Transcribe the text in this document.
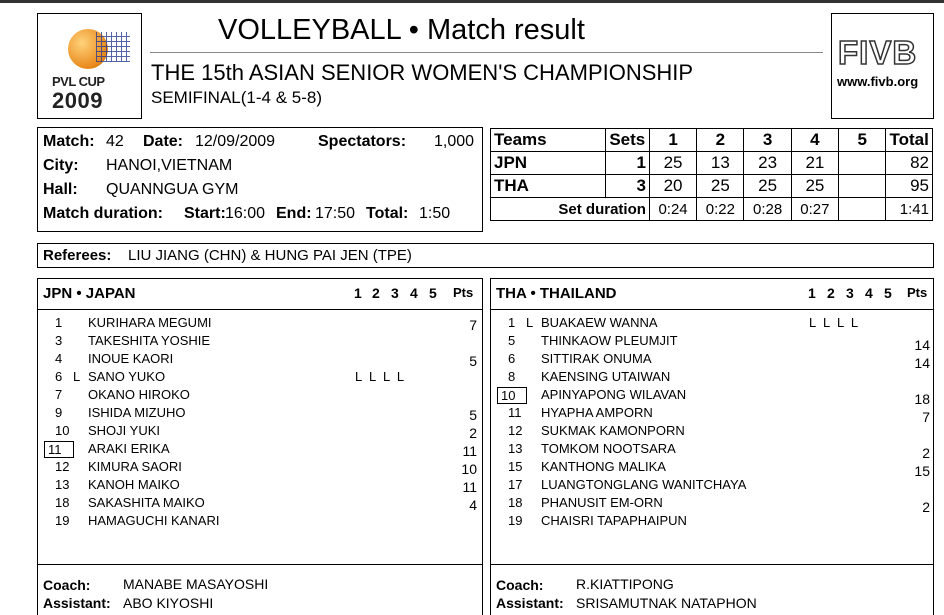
PVL CUP
2009
VOLLEYBALL • Match result
THE 15th ASIAN SENIOR WOMEN'S CHAMPIONSHIP
SEMIFINAL(1-4 & 5-8)
FIVB
www.fivb.org
Match: 42 Date: 12/09/2009	Spectators: 1,000
City: HANOI,VIETNAM
Hall: QUANNGUA GYM
Match duration: Start: 16:00 End: 17:50 Total: 1:50
Teams	Sets	1	2	3	4	5	Total
JPN	1	25	13	23	21		82
THA	3	20	25	25	25		95
Set duration		0:24	0:22	0:28	0:27		1:41
Referees: LIU JIANG (CHN) & HUNG PAI JEN (TPE)
JPN • JAPAN	1 2 3 4 5 Pts
1 KURIHARA MEGUMI	7
3 TAKESHITA YOSHIE
4 INOUE KAORI	5
6 L SANO YUKO	L  L  L  L
7 OKANO HIROKO
9 ISHIDA MIZUHO	5
10 SHOJI YUKI	2
11	ARAKI ERIKA	11
12 KIMURA SAORI	10
13 KANOH MAIKO	11
18 SAKASHITA MAIKO	4
19 HAMAGUCHI KANARI
Coach: MANABE MASAYOSHI
Assistant: ABO KIYOSHI
THA • THAILAND	1 2 3 4 5 Pts
1 L BUAKAEW WANNA	L  L  L  L
5 THINKAOW PLEUMJIT	14
6 SITTIRAK ONUMA	14
8 KAENSING UTAIWAN
10	APINYAPONG WILAVAN	18
11 HYAPHA AMPORN	7
12 SUKMAK KAMONPORN
13 TOMKOM NOOTSARA	2
15 KANTHONG MALIKA	15
17 LUANGTONGLANG WANITCHAYA
18 PHANUSIT EM-ORN	2
19 CHAISRI TAPAPHAIPUN
Coach: R.KIATTIPONG
Assistant: SRISAMUTNAK NATAPHON
